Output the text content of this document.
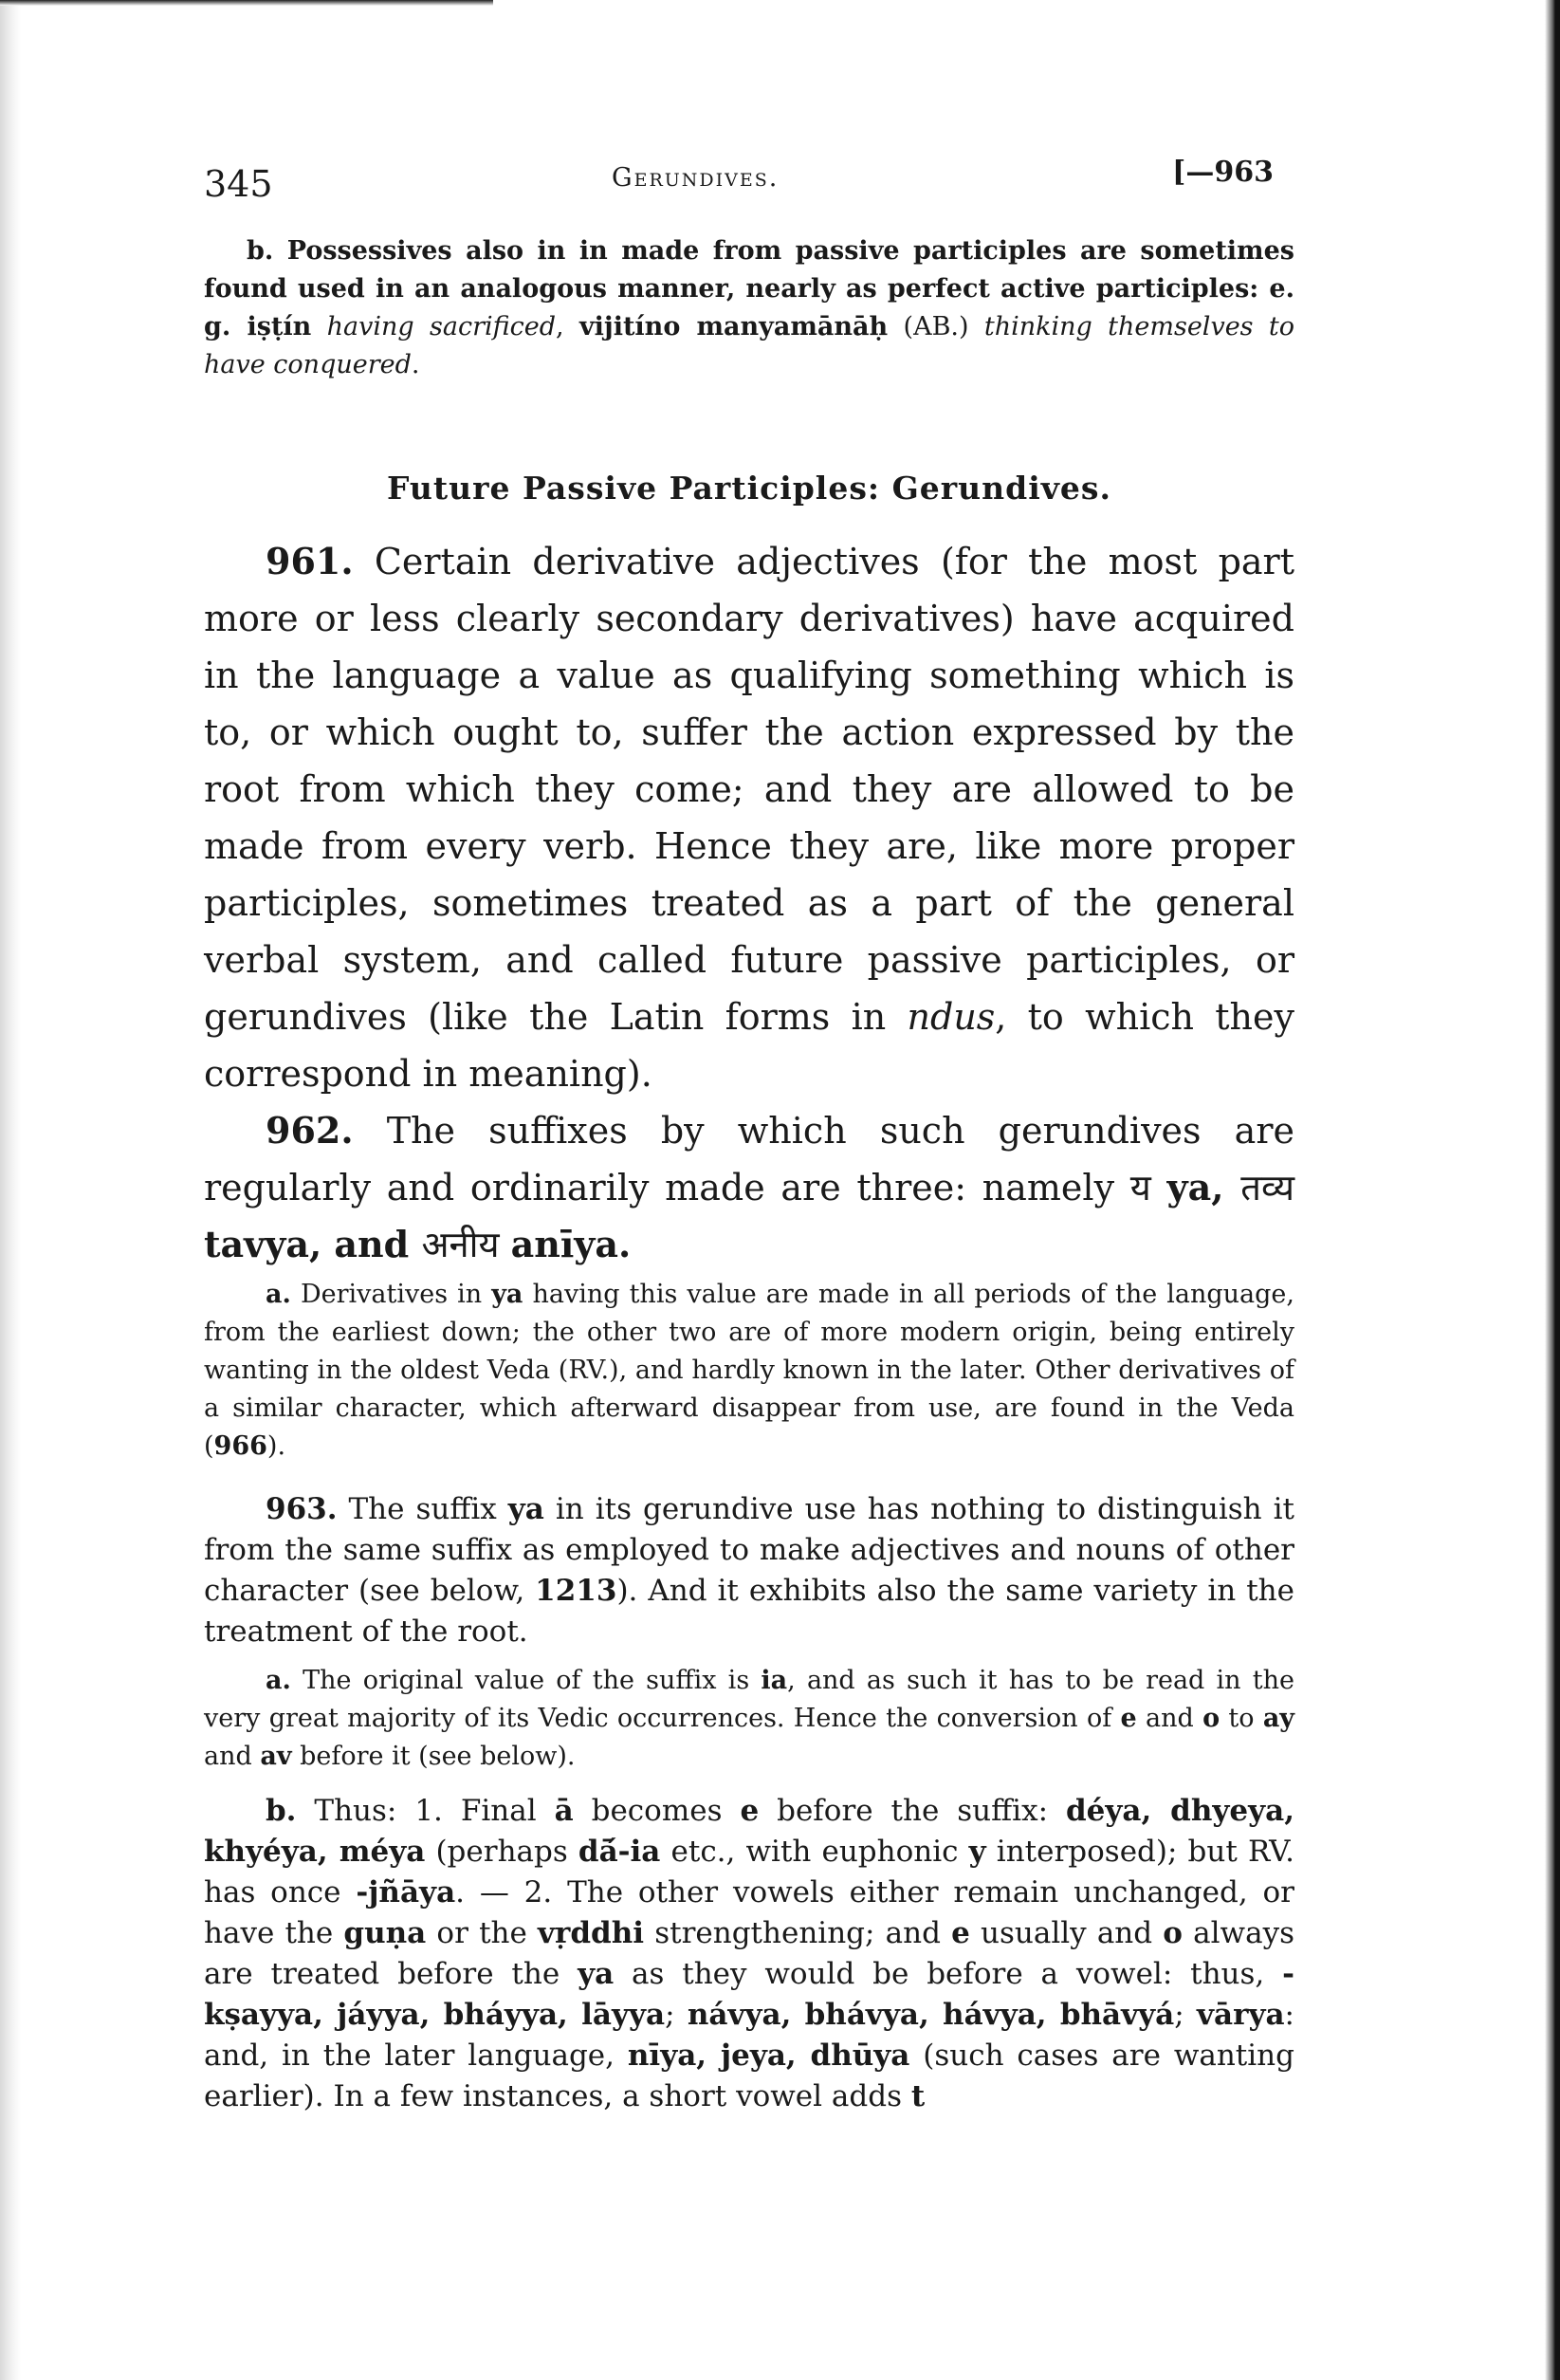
345	Gerundives.	[—963

b. Possessives also in in made from passive participles are sometimes found used in an analogous manner, nearly as perfect active participles: e. g. iṣṭín having sacrificed, vijitíno manyamānāḥ (AB.) thinking themselves to have conquered.

Future Passive Participles: Gerundives.

961. Certain derivative adjectives (for the most part more or less clearly secondary derivatives) have acquired in the language a value as qualifying something which is to, or which ought to, suffer the action expressed by the root from which they come; and they are allowed to be made from every verb. Hence they are, like more proper participles, sometimes treated as a part of the general verbal system, and called future passive participles, or gerundives (like the Latin forms in ndus, to which they correspond in meaning).

962. The suffixes by which such gerundives are regularly and ordinarily made are three: namely य ya, तव्य tavya, and अनीय anīya.

a. Derivatives in ya having this value are made in all periods of the language, from the earliest down; the other two are of more modern origin, being entirely wanting in the oldest Veda (RV.), and hardly known in the later. Other derivatives of a similar character, which afterward disappear from use, are found in the Veda (966).

963. The suffix ya in its gerundive use has nothing to distinguish it from the same suffix as employed to make adjectives and nouns of other character (see below, 1213). And it exhibits also the same variety in the treatment of the root.

a. The original value of the suffix is ia, and as such it has to be read in the very great majority of its Vedic occurrences. Hence the conversion of e and o to ay and av before it (see below).

b. Thus: 1. Final ā becomes e before the suffix: déya, dhyeya, khyéya, méya (perhaps dā́-ia etc., with euphonic y interposed); but RV. has once -jñāya. — 2. The other vowels either remain unchanged, or have the guṇa or the vṛddhi strengthening; and e usually and o always are treated before the ya as they would be before a vowel: thus, -kṣayya, jáyya, bháyya, lāyya; návya, bhávya, hávya, bhāvyá; vārya: and, in the later language, nīya, jeya, dhūya (such cases are wanting earlier). In a few instances, a short vowel adds t
